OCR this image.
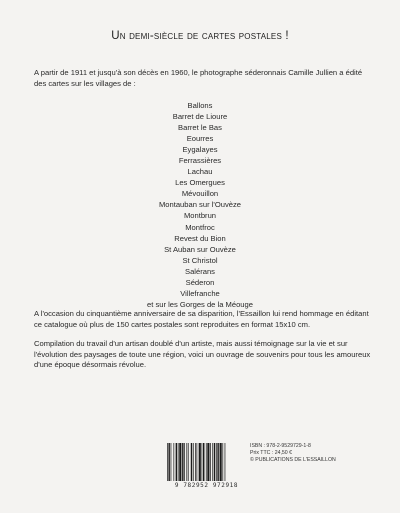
Un demi-siècle de cartes postales !
A partir de 1911 et jusqu'à son décès en 1960, le photographe séderonnais Camille Jullien a édité des cartes sur les villages de :
Ballons
Barret de Lioure
Barret le Bas
Eourres
Eygalayes
Ferrassières
Lachau
Les Omergues
Mévouillon
Montauban sur l'Ouvèze
Montbrun
Montfroc
Revest du Bion
St Auban sur Ouvèze
St Christol
Salérans
Séderon
Villefranche
et sur les Gorges de la Méouge
A l'occasion du cinquantième anniversaire de sa disparition, l'Essaillon lui rend hommage en éditant ce catalogue où plus de 150 cartes postales sont reproduites en format 15x10 cm.
Compilation du travail d'un artisan doublé d'un artiste, mais aussi témoignage sur la vie et sur l'évolution des paysages de toute une région, voici un ouvrage de souvenirs pour tous les amoureux d'une époque désormais révolue.
9 782952 972918
ISBN : 978-2-9529729-1-8
Prix TTC : 24,50 €
© PUBLICATIONS DE L'ESSAILLON
